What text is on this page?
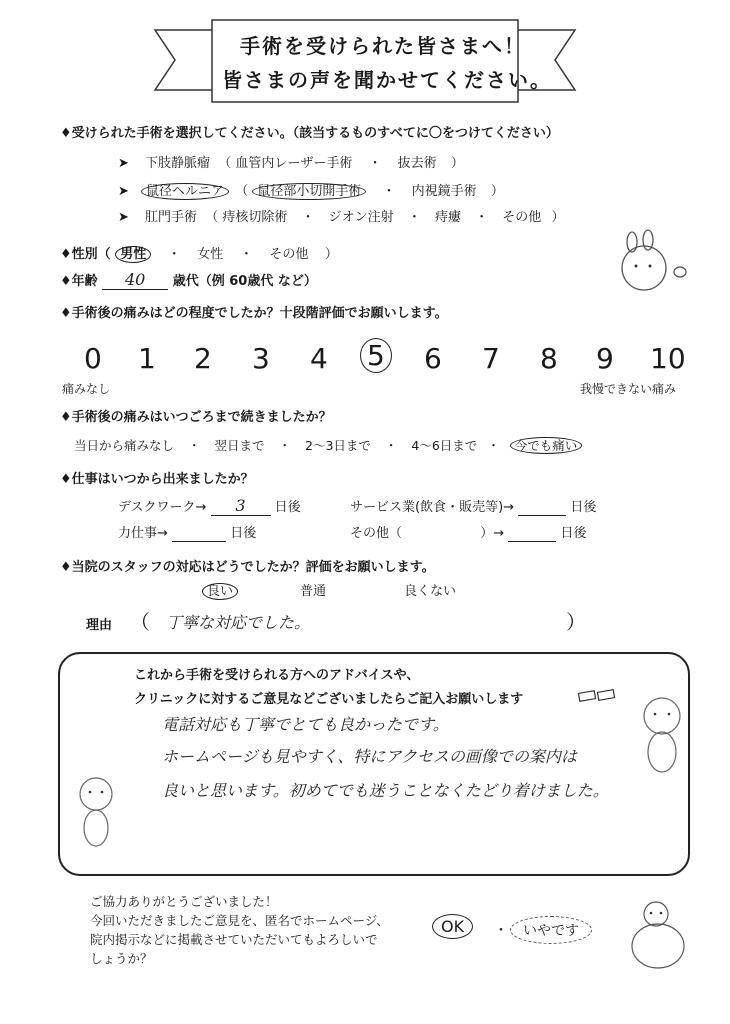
手術を受けられた皆さまへ！
皆さまの声を聞かせてください。
♦受けられた手術を選択してください。（該当するものすべてに〇をつけてください）
➤ 下肢静脈瘤 （ 血管内レーザー手術 ・ 抜去術 ）
➤ 鼠径ヘルニア （ 鼠径部小切開手術 ・ 内視鏡手術 ）
➤ 肛門手術 （ 痔核切除術 ・ ジオン注射 ・ 痔瘻 ・ その他 ）
♦性別（ 男性 ・ 女性 ・ その他 ）
♦年齢 40 歳代（例 60歳代 など）
♦手術後の痛みはどの程度でしたか？十段階評価でお願いします。
0 1 2 3 4 5 6 7 8 9 10
痛みなし	我慢できない痛み
♦手術後の痛みはいつごろまで続きましたか？
当日から痛みなし ・ 翌日まで ・ 2～3日まで ・ 4～6日まで ・ 今でも痛い
♦仕事はいつから出来ましたか？
デスクワーク→ 3 日後	サービス業(飲食・販売等)→	日後
力仕事→	日後	その他（	）→	日後
♦当院のスタッフの対応はどうでしたか？評価をお願いします。
良い	普通	良くない
理由 （ 丁寧な対応でした。	）
これから手術を受けられる方へのアドバイスや、
クリニックに対するご意見などございましたらご記入お願いします
電話対応も丁寧でとても良かったです。
ホームページも見やすく、特にアクセスの画像での案内は
良いと思います。初めてでも迷うことなくたどり着けました。
ご協力ありがとうございました！
今回いただきましたご意見を、匿名でホームページ、
院内掲示などに掲載させていただいてもよろしいで
しょうか？
OK	・	いやです
